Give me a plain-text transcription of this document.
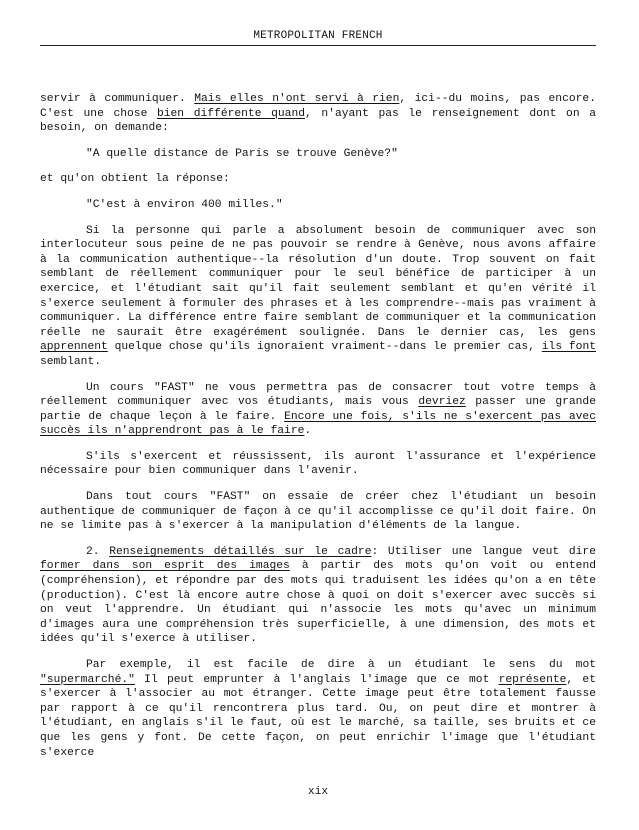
METROPOLITAN FRENCH

servir à communiquer. Mais elles n'ont servi à rien, ici--du moins, pas encore. C'est une chose bien différente quand, n'ayant pas le renseignement dont on a besoin, on demande:

"A quelle distance de Paris se trouve Genève?"

et qu'on obtient la réponse:

"C'est à environ 400 milles."

Si la personne qui parle a absolument besoin de communiquer avec son interlocuteur sous peine de ne pas pouvoir se rendre à Genève, nous avons affaire à la communication authentique--la résolution d'un doute. Trop souvent on fait semblant de réellement communiquer pour le seul bénéfice de participer à un exercice, et l'étudiant sait qu'il fait seulement semblant et qu'en vérité il s'exerce seulement à formuler des phrases et à les comprendre--mais pas vraiment à communiquer. La différence entre faire semblant de communiquer et la communication réelle ne saurait être exagérément soulignée. Dans le dernier cas, les gens apprennent quelque chose qu'ils ignoraient vraiment--dans le premier cas, ils font semblant.

Un cours "FAST" ne vous permettra pas de consacrer tout votre temps à réellement communiquer avec vos étudiants, mais vous devriez passer une grande partie de chaque leçon à le faire. Encore une fois, s'ils ne s'exercent pas avec succès ils n'apprendront pas à le faire.

S'ils s'exercent et réussissent, ils auront l'assurance et l'expérience nécessaire pour bien communiquer dans l'avenir.

Dans tout cours "FAST" on essaie de créer chez l'étudiant un besoin authentique de communiquer de façon à ce qu'il accomplisse ce qu'il doit faire. On ne se limite pas à s'exercer à la manipulation d'éléments de la langue.

2. Renseignements détaillés sur le cadre: Utiliser une langue veut dire former dans son esprit des images à partir des mots qu'on voit ou entend (compréhension), et répondre par des mots qui traduisent les idées qu'on a en tête (production). C'est là encore autre chose à quoi on doit s'exercer avec succès si on veut l'apprendre. Un étudiant qui n'associe les mots qu'avec un minimum d'images aura une compréhension très superficielle, à une dimension, des mots et idées qu'il s'exerce à utiliser.

Par exemple, il est facile de dire à un étudiant le sens du mot "supermarché." Il peut emprunter à l'anglais l'image que ce mot représente, et s'exercer à l'associer au mot étranger. Cette image peut être totalement fausse par rapport à ce qu'il rencontrera plus tard. Ou, on peut dire et montrer à l'étudiant, en anglais s'il le faut, où est le marché, sa taille, ses bruits et ce que les gens y font. De cette façon, on peut enrichir l'image que l'étudiant s'exerce

xix
